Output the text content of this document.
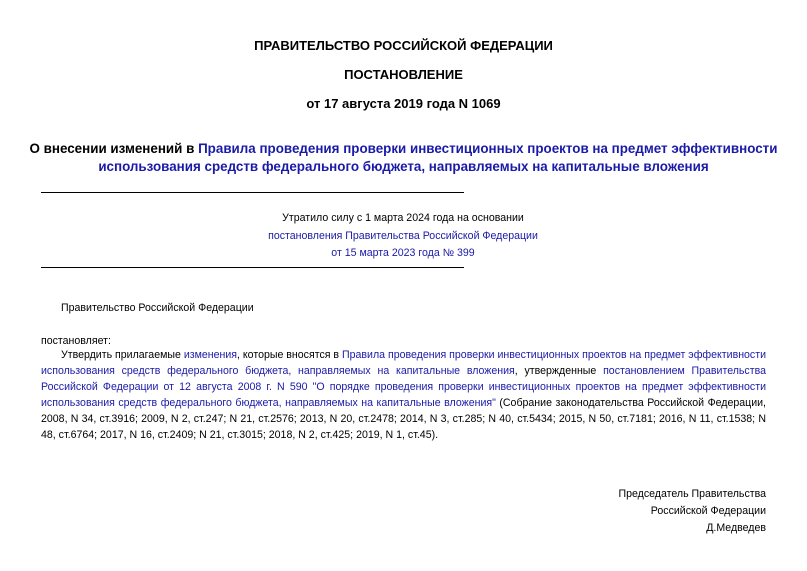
ПРАВИТЕЛЬСТВО РОССИЙСКОЙ ФЕДЕРАЦИИ
ПОСТАНОВЛЕНИЕ
от 17 августа 2019 года N 1069

О внесении изменений в Правила проведения проверки инвестиционных проектов на предмет эффективности использования средств федерального бюджета, направляемых на капитальные вложения

Утратило силу с 1 марта 2024 года на основании
постановления Правительства Российской Федерации
от 15 марта 2023 года № 399
Правительство Российской Федерации
постановляет:

Утвердить прилагаемые изменения, которые вносятся в Правила проведения проверки инвестиционных проектов на предмет эффективности использования средств федерального бюджета, направляемых на капитальные вложения, утвержденные постановлением Правительства Российской Федерации от 12 августа 2008 г. N 590 "О порядке проведения проверки инвестиционных проектов на предмет эффективности использования средств федерального бюджета, направляемых на капитальные вложения" (Собрание законодательства Российской Федерации, 2008, N 34, ст.3916; 2009, N 2, ст.247; N 21, ст.2576; 2013, N 20, ст.2478; 2014, N 3, ст.285; N 40, ст.5434; 2015, N 50, ст.7181; 2016, N 11, ст.1538; N 48, ст.6764; 2017, N 16, ст.2409; N 21, ст.3015; 2018, N 2, ст.425; 2019, N 1, ст.45).

Председатель Правительства
Российской Федерации
Д.Медведев
